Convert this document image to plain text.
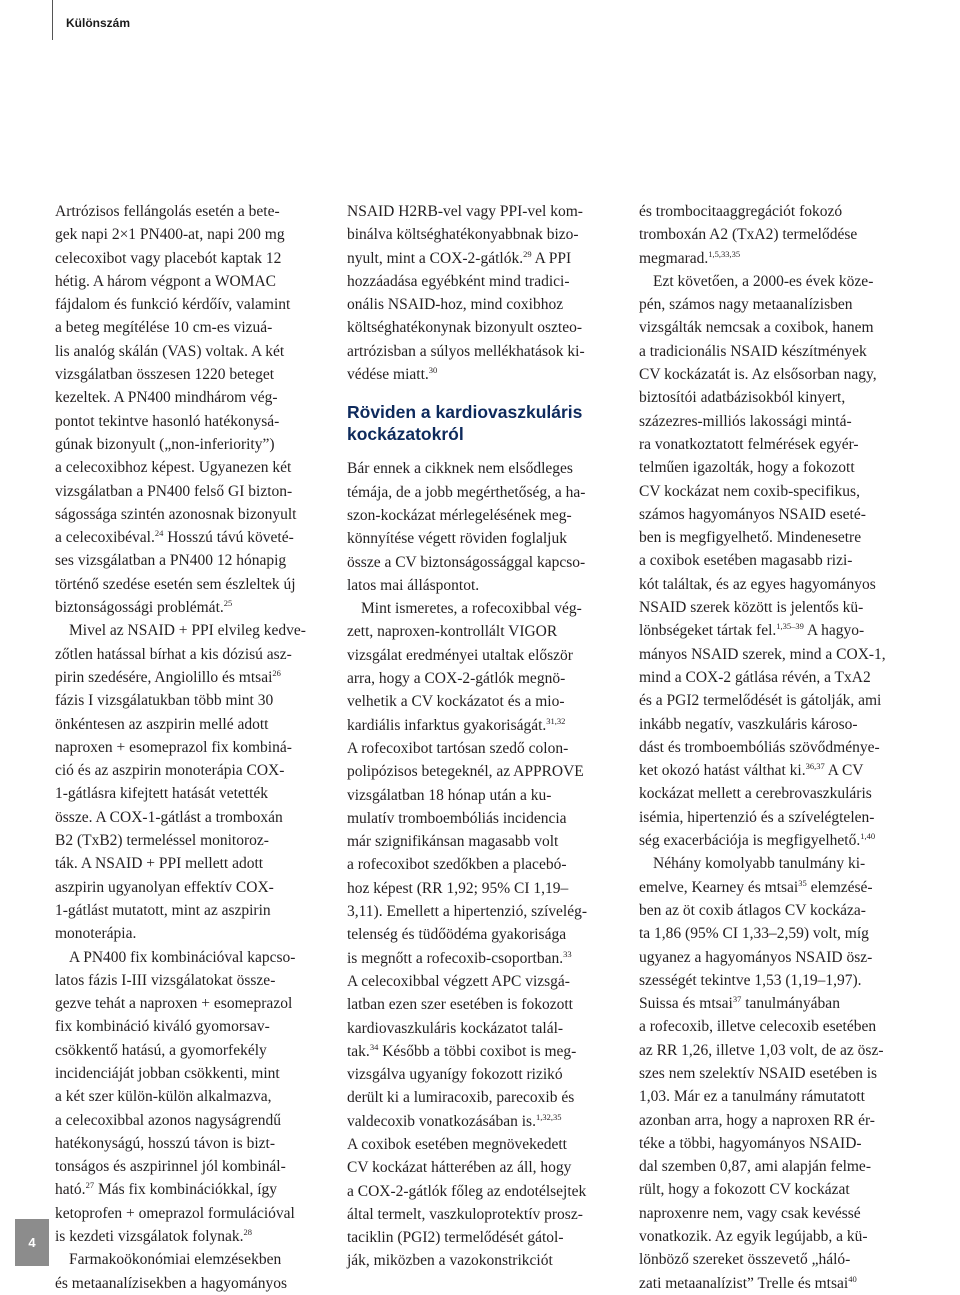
Különszám
Artrózisos fellángolás esetén a bete-
gek napi 2×1 PN400-at, napi 200 mg
celecoxibot vagy placebót kaptak 12
hétig. A három végpont a WOMAC
fájdalom és funkció kérdőív, valamint
a beteg megítélése 10 cm-es vizuá-
lis analóg skálán (VAS) voltak. A két
vizsgálatban összesen 1220 beteget
kezeltek. A PN400 mindhárom vég-
pontot tekintve hasonló hatékonysá-
gúnak bizonyult („non-inferiority”)
a celecoxibhoz képest. Ugyanezen két
vizsgálatban a PN400 felső GI bizton-
ságossága szintén azonosnak bizonyult
a celecoxibéval.$^{24}$ Hosszú távú követé-
ses vizsgálatban a PN400 12 hónapig
történő szedése esetén sem észleltek új
biztonságossági problémát.$^{25}$
Mivel az NSAID + PPI elvileg kedve-
zőtlen hatással bírhat a kis dózisú asz-
pirin szedésére, Angiolillo és mtsai$^{26}$
fázis I vizsgálatukban több mint 30
önkéntesen az aszpirin mellé adott
naproxen + esomeprazol fix kombiná-
ció és az aszpirin monoterápia COX-
1-gátlásra kifejtett hatását vetették
össze. A COX-1-gátlást a tromboxán
B2 (TxB2) termeléssel monitoroz-
ták. A NSAID + PPI mellett adott
aszpirin ugyanolyan effektív COX-
1-gátlást mutatott, mint az aszpirin
monoterápia.
A PN400 fix kombinációval kapcso-
latos fázis I-III vizsgálatokat össze-
gezve tehát a naproxen + esomeprazol
fix kombináció kiváló gyomorsav-
csökkentő hatású, a gyomorfekély
incidenciáját jobban csökkenti, mint
a két szer külön-külön alkalmazva,
a celecoxibbal azonos nagyságrendű
hatékonyságú, hosszú távon is bizt-
tonságos és aszpirinnel jól kombinál-
ható.$^{27}$ Más fix kombinációkkal, így
ketoprofen + omeprazol formulációval
is kezdeti vizsgálatok folynak.$^{28}$
Farmakoökonómiai elemzésekben
és metaanalízisekben a hagyományos
NSAID H2RB-vel vagy PPI-vel kom-
binálva költséghatékonyabbnak bizo-
nyult, mint a COX-2-gátlók.$^{29}$ A PPI
hozzáadása egyébként mind tradici-
onális NSAID-hoz, mind coxibhoz
költséghatékonynak bizonyult oszteo-
artrózisban a súlyos mellékhatások ki-
védése miatt.$^{30}$
Röviden a kardiovaszkuláris kockázatokról
Bár ennek a cikknek nem elsődleges
témája, de a jobb megérthetőség, a ha-
szon-kockázat mérlegelésének meg-
könnyítése végett röviden foglaljuk
össze a CV biztonságossággal kapcso-
latos mai álláspontot.
Mint ismeretes, a rofecoxibbal vég-
zett, naproxen-kontrollált VIGOR
vizsgálat eredményei utaltak először
arra, hogy a COX-2-gátlók megnö-
velhetik a CV kockázatot és a mio-
kardiális infarktus gyakoriságát.$^{31,32}$
A rofecoxibot tartósan szedő colon-
polipózisos betegeknél, az APPROVE
vizsgálatban 18 hónap után a ku-
mulatív tromboembóliás incidencia
már szignifikánsan magasabb volt
a rofecoxibot szedőkben a placebó-
hoz képest (RR 1,92; 95% CI 1,19–
3,11). Emellett a hipertenzió, szívelég-
telenség és tüdőödéma gyakorisága
is megnőtt a rofecoxib-csoportban.$^{33}$
A celecoxibbal végzett APC vizsgá-
latban ezen szer esetében is fokozott
kardiovaszkuláris kockázatot talál-
tak.$^{34}$ Később a többi coxibot is meg-
vizsgálva ugyanígy fokozott rizikó
derült ki a lumiracoxib, parecoxib és
valdecoxib vonatkozásában is.$^{1,32,35}$
A coxibok esetében megnövekedett
CV kockázat hátterében az áll, hogy
a COX-2-gátlók főleg az endotélsejtek
által termelt, vaszkuloprotektív prosz-
taciklin (PGI2) termelődését gátol-
ják, miközben a vazokonstrikciót
és trombocitaaggregációt fokozó
tromboxán A2 (TxA2) termelődése
megmarad.$^{1,5,33,35}$
Ezt követően, a 2000-es évek köze-
pén, számos nagy metaanalízisben
vizsgálták nemcsak a coxibok, hanem
a tradicionális NSAID készítmények
CV kockázatát is. Az elsősorban nagy,
biztosítói adatbázisokból kinyert,
százezres-milliós lakossági mintá-
ra vonatkoztatott felmérések egyér-
telműen igazolták, hogy a fokozott
CV kockázat nem coxib-specifikus,
számos hagyományos NSAID eseté-
ben is megfigyelhető. Mindenesetre
a coxibok esetében magasabb rizi-
kót találtak, és az egyes hagyományos
NSAID szerek között is jelentős kü-
lönbségeket tártak fel.$^{1,35-39}$ A hagyo-
mányos NSAID szerek, mind a COX-1,
mind a COX-2 gátlása révén, a TxA2
és a PGI2 termelődését is gátolják, ami
inkább negatív, vaszkuláris károso-
dást és tromboembóliás szövődménye-
ket okozó hatást válthat ki.$^{36,37}$ A CV
kockázat mellett a cerebrovaszkuláris
isémia, hipertenzió és a szívelégtelen-
ség exacerbációja is megfigyelhető.$^{1,40}$
Néhány komolyabb tanulmány ki-
emelve, Kearney és mtsai$^{35}$ elemzésé-
ben az öt coxib átlagos CV kockáza-
ta 1,86 (95% CI 1,33–2,59) volt, míg
ugyanez a hagyományos NSAID ösz-
szességét tekintve 1,53 (1,19–1,97).
Suissa és mtsai$^{37}$ tanulmányában
a rofecoxib, illetve celecoxib esetében
az RR 1,26, illetve 1,03 volt, de az ösz-
szes nem szelektív NSAID esetében is
1,03. Már ez a tanulmány rámutatott
azonban arra, hogy a naproxen RR ér-
téke a többi, hagyományos NSAID-
dal szemben 0,87, ami alapján felme-
rült, hogy a fokozott CV kockázat
naproxenre nem, vagy csak kevéssé
vonatkozik. Az egyik legújabb, a kü-
lönböző szereket összevető „háló-
zati metaanalízist” Trelle és mtsai$^{40}$
4
